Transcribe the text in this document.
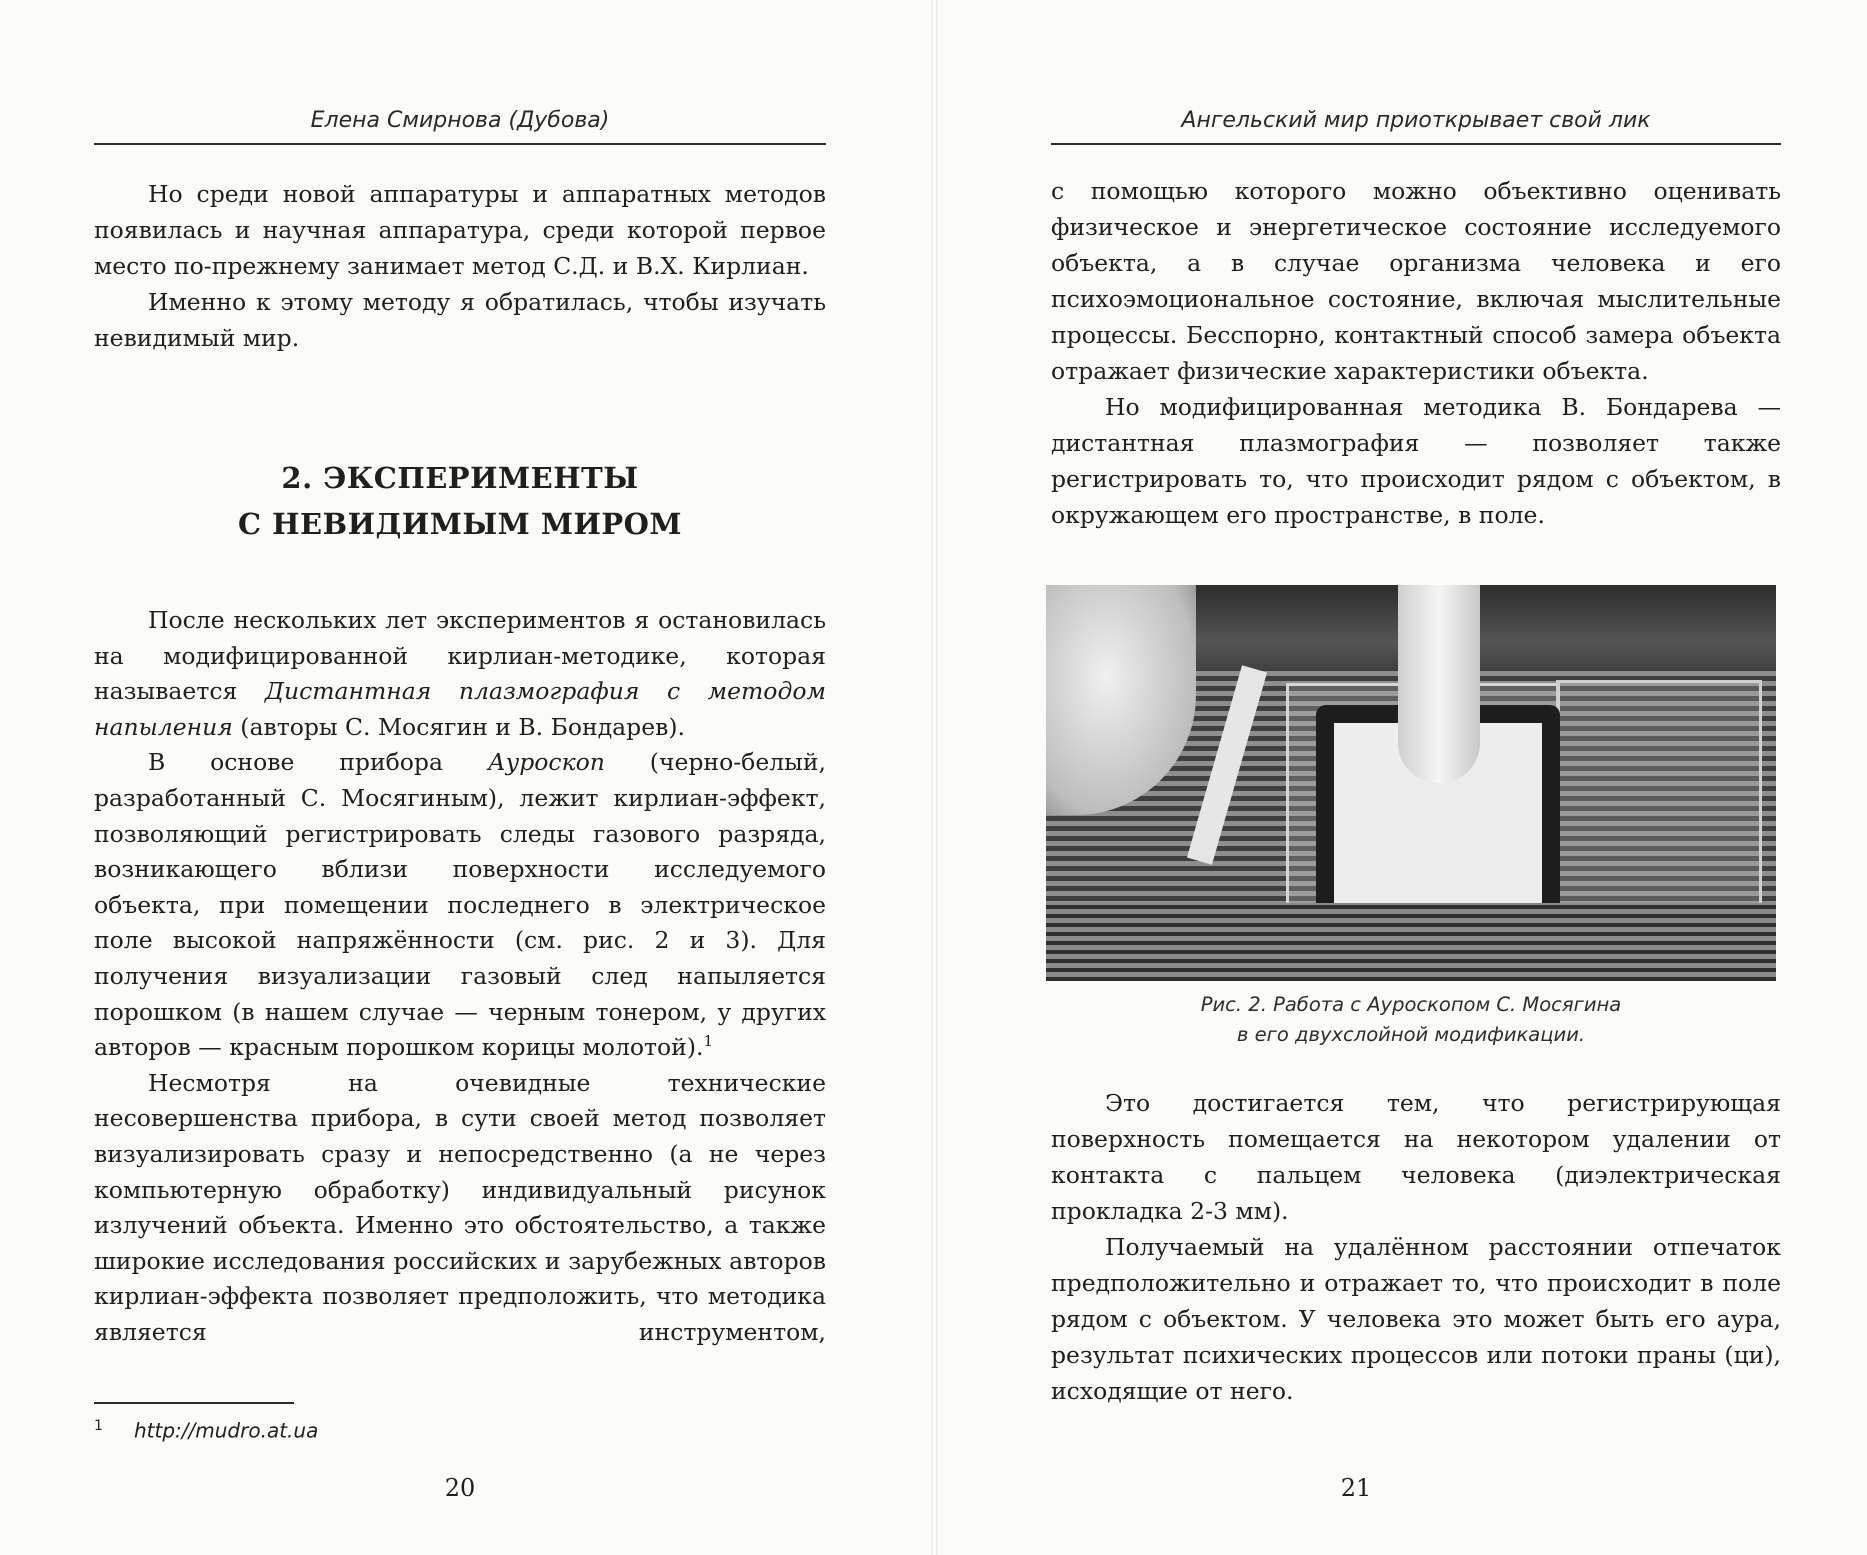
Елена Смирнова (Дубова)

Но среди новой аппаратуры и аппаратных методов появилась и научная аппаратура, среди которой первое место по-прежнему занимает метод С.Д. и В.Х. Кирлиан.

Именно к этому методу я обратилась, чтобы изучать невидимый мир.

2. ЭКСПЕРИМЕНТЫ
С НЕВИДИМЫМ МИРОМ

После нескольких лет экспериментов я остановилась на модифицированной кирлиан-методике, которая называется Дистантная плазмография с методом напыления (авторы С. Мосягин и В. Бондарев).

В основе прибора Ауроскоп (черно-белый, разработанный С. Мосягиным), лежит кирлиан-эффект, позволяющий регистрировать следы газового разряда, возникающего вблизи поверхности исследуемого объекта, при помещении последнего в электрическое поле высокой напряжённости (см. рис. 2 и 3). Для получения визуализации газовый след напыляется порошком (в нашем случае — черным тонером, у других авторов — красным порошком корицы молотой).$^1$

Несмотря на очевидные технические несовершенства прибора, в сути своей метод позволяет визуализировать сразу и непосредственно (а не через компьютерную обработку) индивидуальный рисунок излучений объекта. Именно это обстоятельство, а также широкие исследования российских и зарубежных авторов кирлиан-эффекта позволяет предположить, что методика является инструментом,

1 http://mudro.at.ua
20
Ангельский мир приоткрывает свой лик

с помощью которого можно объективно оценивать физическое и энергетическое состояние исследуемого объекта, а в случае организма человека и его психоэмоциональное состояние, включая мыслительные процессы. Бесспорно, контактный способ замера объекта отражает физические характеристики объекта.

Но модифицированная методика В. Бондарева — дистантная плазмография — позволяет также регистрировать то, что происходит рядом с объектом, в окружающем его пространстве, в поле.

Рис. 2. Работа с Ауроскопом С. Мосягина
в его двухслойной модификации.

Это достигается тем, что регистрирующая поверхность помещается на некотором удалении от контакта с пальцем человека (диэлектрическая прокладка 2-3 мм).

Получаемый на удалённом расстоянии отпечаток предположительно и отражает то, что происходит в поле рядом с объектом. У человека это может быть его аура, результат психических процессов или потоки праны (ци), исходящие от него.

21
